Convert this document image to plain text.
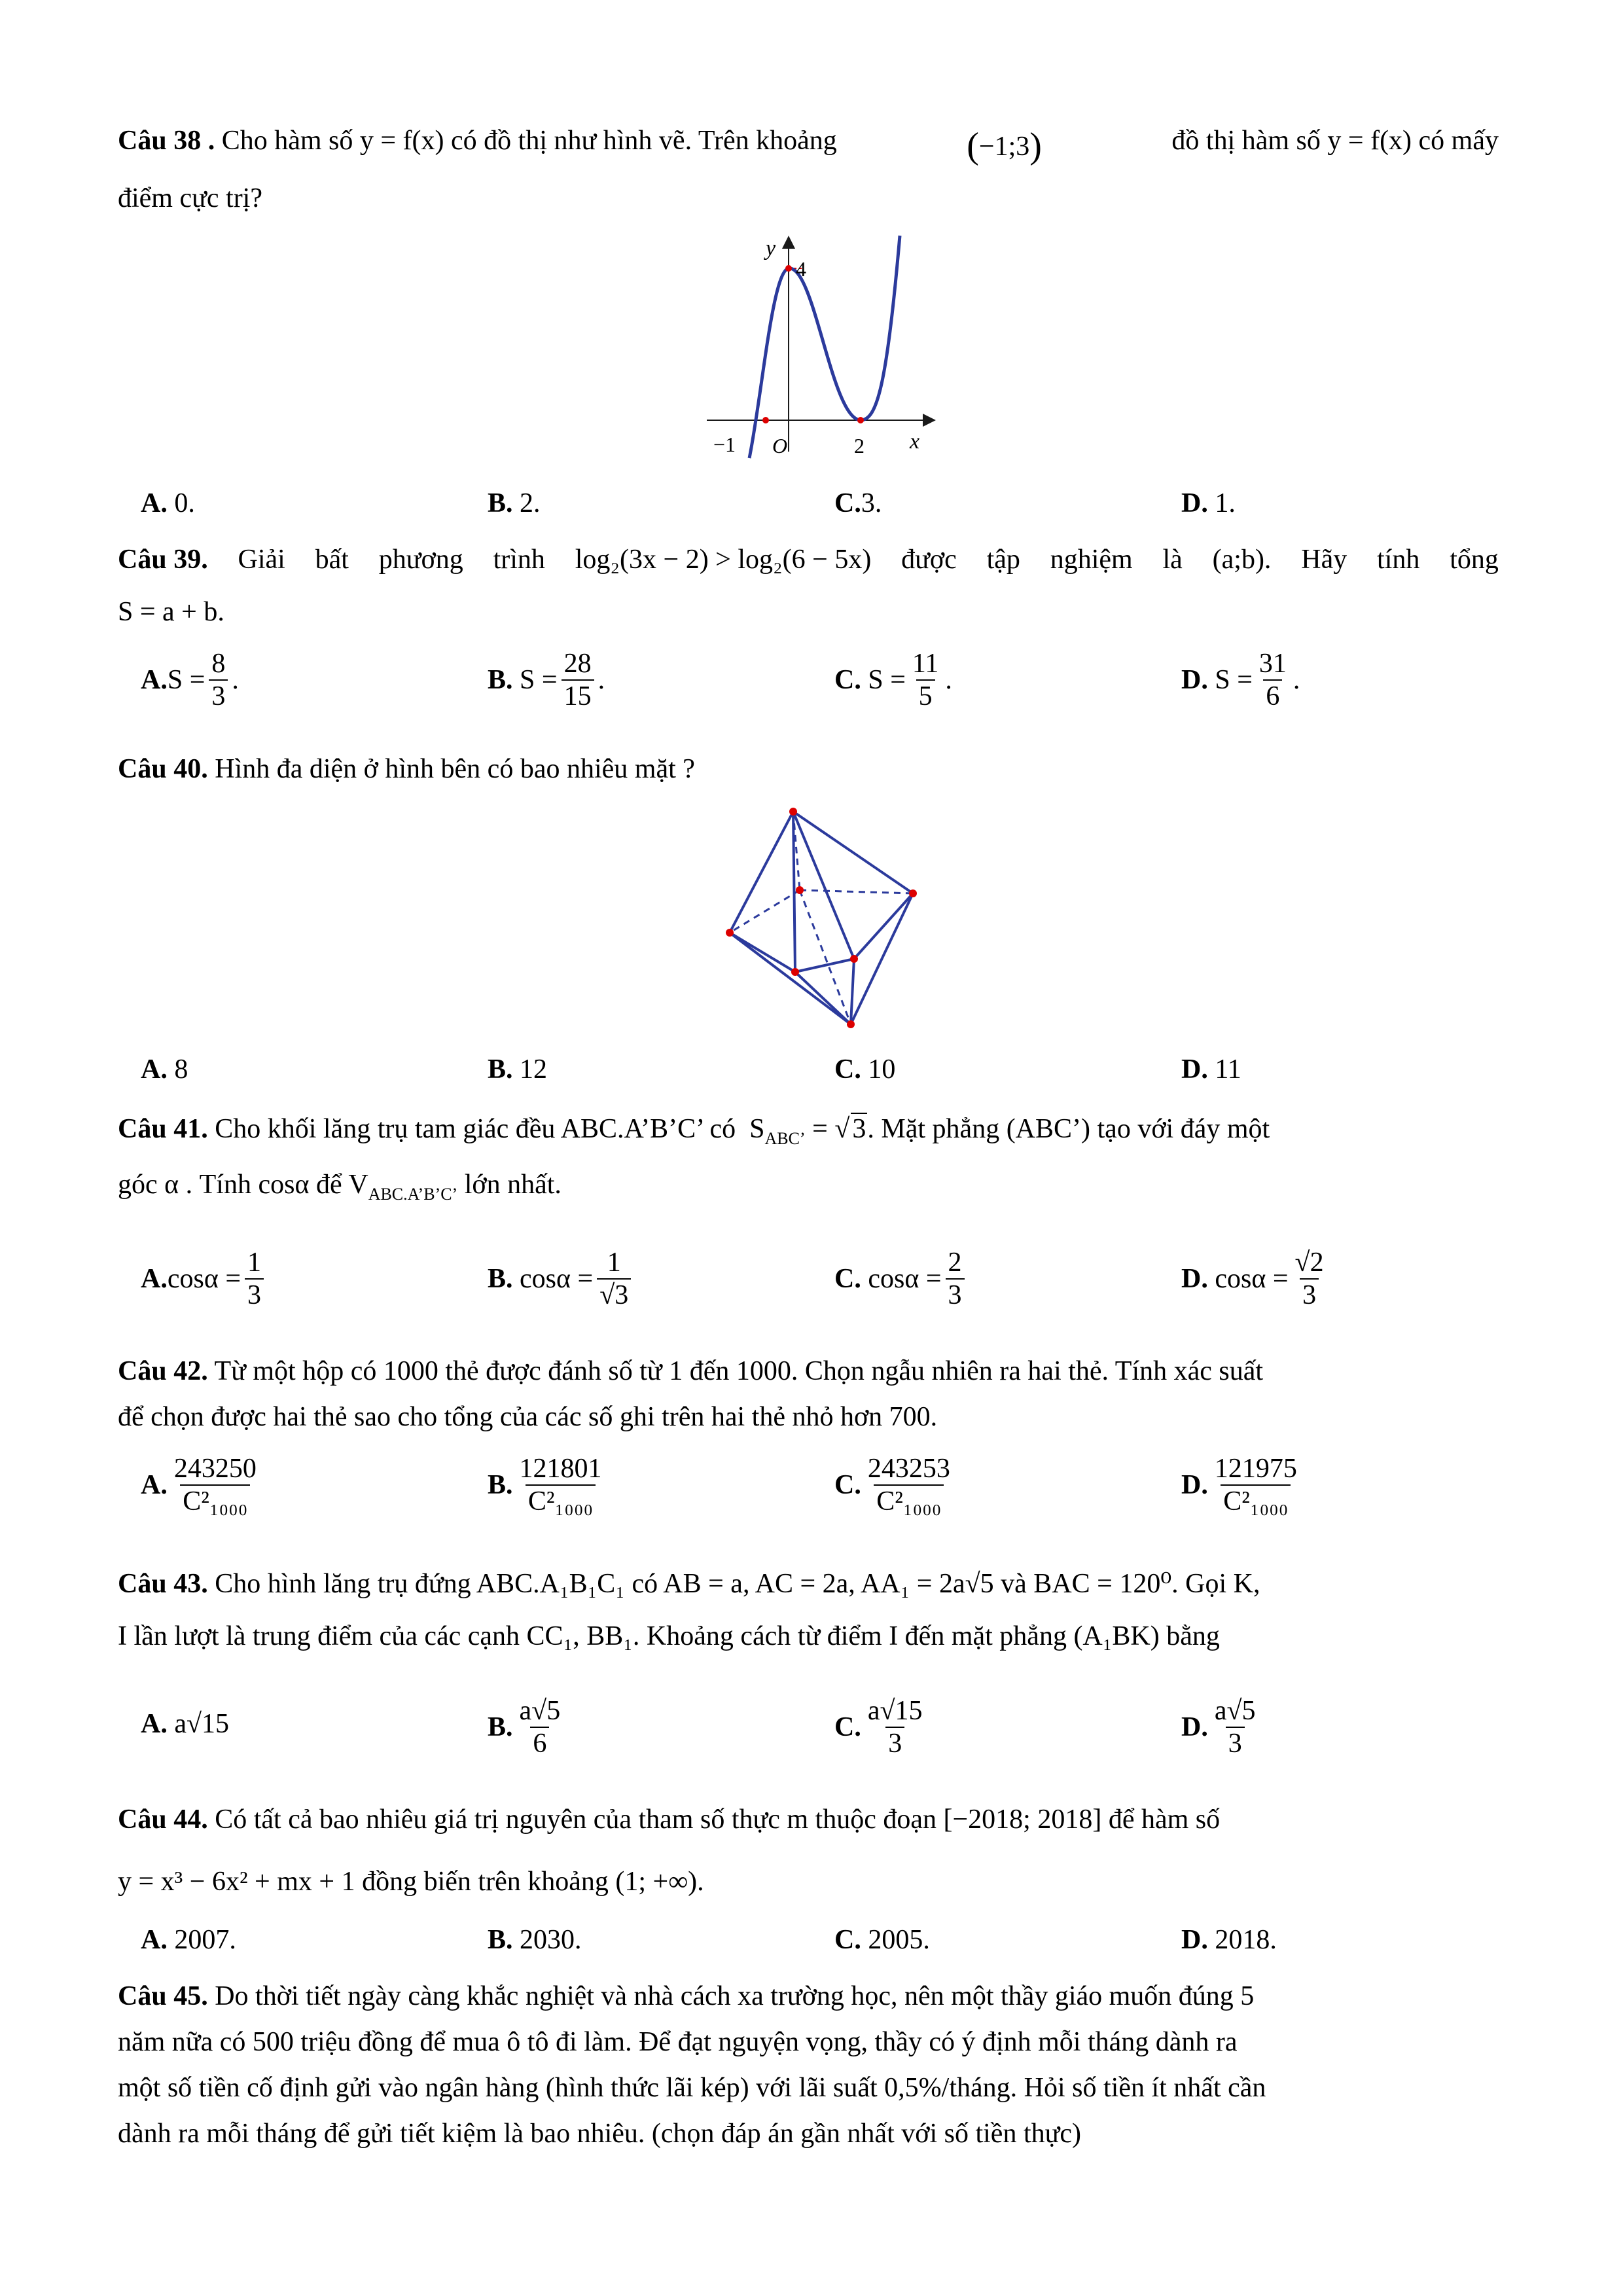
Câu 38 . Cho hàm số y = f(x) có đồ thị như hình vẽ. Trên khoảng	(−1;3)	đồ thị hàm số y = f(x) có mấy
điểm cực trị?
y
4
−1 O	2 x
A.
0.	B.
2.	C. 3.	D.
1.
Câu 39. Giải bất phương trình log₂(3x − 2) > log₂(6 − 5x) được tập nghiệm là (a;b). Hãy tính tổng
S = a + b.
A. $S = \frac{8}{3}$ .	B.
$S = \frac{28}{15}$ .	C.
$S = \frac{11}{5}$ .	D.
$S = \frac{31}{6}$ .
Câu 40. Hình đa diện ở hình bên có bao nhiêu mặt ?
A.
8	B.
12	C.
10	D.
11
Câu 41. Cho khối lăng trụ tam giác đều ABC.A’B’C’ có  $S_{ABC’} = √3$. Mặt phẳng (ABC’) tạo với đáy một
góc α . Tính cosα để $V_{ABC.A’B’C’}$ lớn nhất.
A. $\cos\alpha = \frac{1}{3}$	B.
$\cos\alpha = \frac{1}{√3}$	C.
$\cos\alpha = \frac{2}{3}$	D.
$\cos\alpha = \frac{√2}{3}$
Câu 42. Từ một hộp có 1000 thẻ được đánh số từ 1 đến 1000. Chọn ngẫu nhiên ra hai thẻ. Tính xác suất
để chọn được hai thẻ sao cho tổng của các số ghi trên hai thẻ nhỏ hơn 700.
A. $\frac{243250}{\text{C²₁₀₀₀}}$	B. $\frac{121801}{\text{C²₁₀₀₀}}$	C. $\frac{243253}{\text{C²₁₀₀₀}}$	D. $\frac{121975}{\text{C²₁₀₀₀}}$
Câu 43. Cho hình lăng trụ đứng ABC.A₁B₁C₁ có AB = a, AC = 2a, AA₁ = 2a√5 và BAC = 120⁰. Gọi K,
I lần lượt là trung điểm của các cạnh CC₁, BB₁. Khoảng cách từ điểm I đến mặt phẳng (A₁BK) bằng
A.
a√15	B. $\frac{a√5}{6}$	C. $\frac{a√15}{3}$	D. $\frac{a√5}{3}$
Câu 44. Có tất cả bao nhiêu giá trị nguyên của tham số thực m thuộc đoạn [−2018; 2018] để hàm số
y = x³ − 6x² + mx + 1 đồng biến trên khoảng (1; +∞).
A.
2007.	B.
2030.	C.
2005.	D.
2018.
Câu 45. Do thời tiết ngày càng khắc nghiệt và nhà cách xa trường học, nên một thầy giáo muốn đúng 5
năm nữa có 500 triệu đồng để mua ô tô đi làm. Để đạt nguyện vọng, thầy có ý định mỗi tháng dành ra
một số tiền cố định gửi vào ngân hàng (hình thức lãi kép) với lãi suất 0,5%/tháng. Hỏi số tiền ít nhất cần
dành ra mỗi tháng để gửi tiết kiệm là bao nhiêu. (chọn đáp án gần nhất với số tiền thực)
